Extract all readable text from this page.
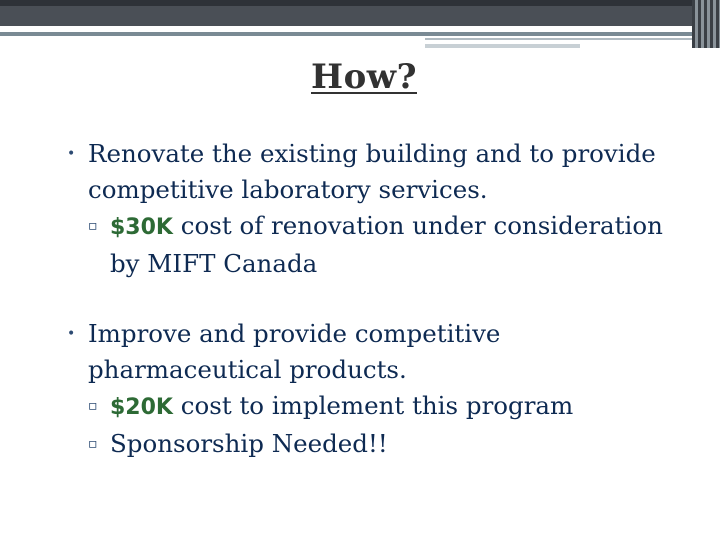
How?
• Renovate the existing building and to provide competitive laboratory services.
▫ $30K cost of renovation under consideration by MIFT Canada
• Improve and provide competitive pharmaceutical products.
▫ $20K cost to implement this program
▫ Sponsorship Needed!!
